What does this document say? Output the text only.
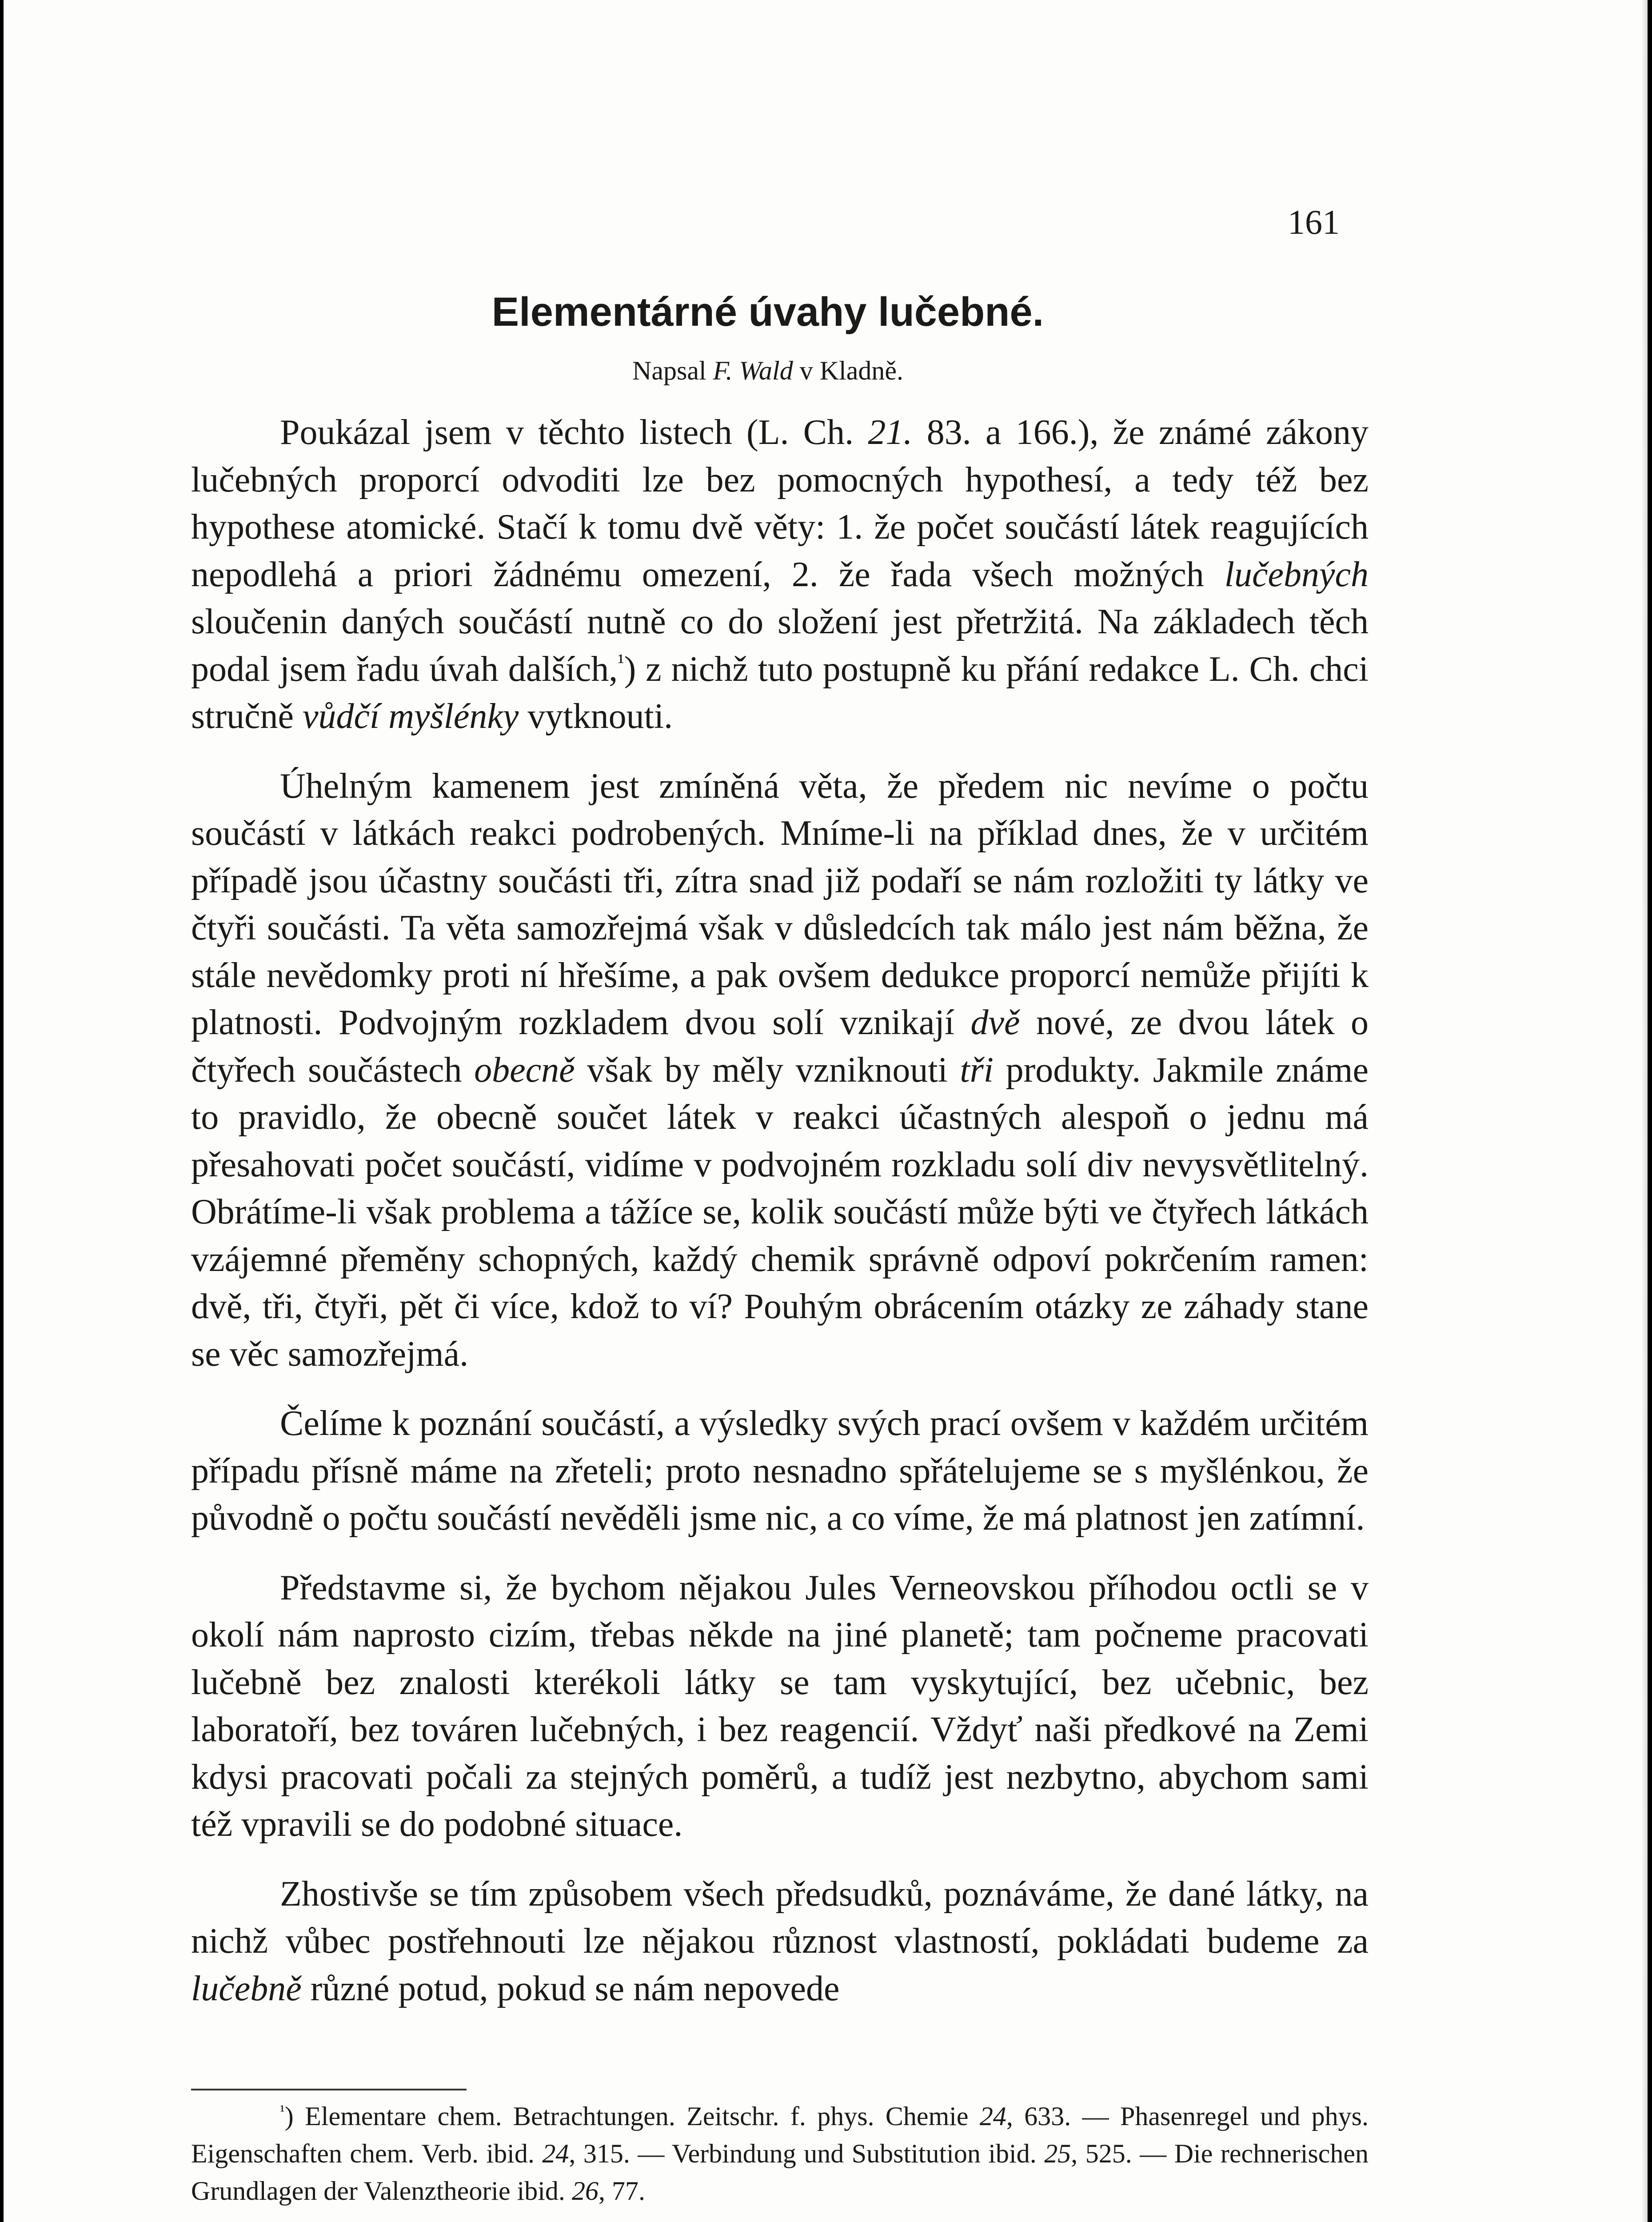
161

Elementárné úvahy lučebné.

Napsal F. Wald v Kladně.

Poukázal jsem v těchto listech (L. Ch. 21. 83. a 166.), že známé zákony lučebných proporcí odvoditi lze bez pomocných hypothesí, a tedy též bez hypothese atomické. Stačí k tomu dvě věty: 1. že počet součástí látek reagujících nepodlehá a priori žádnému omezení, 2. že řada všech možných lučebných sloučenin daných součástí nutně co do složení jest přetržitá. Na základech těch podal jsem řadu úvah dalších,$^{^1}$) z nichž tuto postupně ku přání redakce L. Ch. chci stručně vůdčí myšlénky vytknouti.

Úhelným kamenem jest zmíněná věta, že předem nic nevíme o počtu součástí v látkách reakci podrobených. Mníme-li na příklad dnes, že v určitém případě jsou účastny součásti tři, zítra snad již podaří se nám rozložiti ty látky ve čtyři součásti. Ta věta samozřejmá však v důsledcích tak málo jest nám běžna, že stále nevědomky proti ní hřešíme, a pak ovšem dedukce proporcí nemůže přijíti k platnosti. Podvojným rozkladem dvou solí vznikají dvě nové, ze dvou látek o čtyřech součástech obecně však by měly vzniknouti tři produkty. Jakmile známe to pravidlo, že obecně součet látek v reakci účastných alespoň o jednu má přesahovati počet součástí, vidíme v podvojném rozkladu solí div nevysvětlitelný. Obrátíme-li však problema a tážíce se, kolik součástí může býti ve čtyřech látkách vzájemné přeměny schopných, každý chemik správně odpoví pokrčením ramen: dvě, tři, čtyři, pět či více, kdož to ví? Pouhým obrácením otázky ze záhady stane se věc samozřejmá.

Čelíme k poznání součástí, a výsledky svých prací ovšem v každém určitém případu přísně máme na zřeteli; proto nesnadno spřátelujeme se s myšlénkou, že původně o počtu součástí nevěděli jsme nic, a co víme, že má platnost jen zatímní.

Představme si, že bychom nějakou Jules Verneovskou příhodou octli se v okolí nám naprosto cizím, třebas někde na jiné planetě; tam počneme pracovati lučebně bez znalosti kterékoli látky se tam vyskytující, bez učebnic, bez laboratoří, bez továren lučebných, i bez reagencií. Vždyť naši předkové na Zemi kdysi pracovati počali za stejných poměrů, a tudíž jest nezbytno, abychom sami též vpravili se do podobné situace.

Zhostivše se tím způsobem všech předsudků, poznáváme, že dané látky, na nichž vůbec postřehnouti lze nějakou různost vlastností, pokládati budeme za lučebně různé potud, pokud se nám nepovede

$^{^1}$) Elementare chem. Betrachtungen. Zeitschr. f. phys. Chemie 24, 633. — Phasenregel und phys. Eigenschaften chem. Verb. ibid. 24, 315. — Verbindung und Substitution ibid. 25, 525. — Die rechnerischen Grundlagen der Valenztheorie ibid. 26, 77.
